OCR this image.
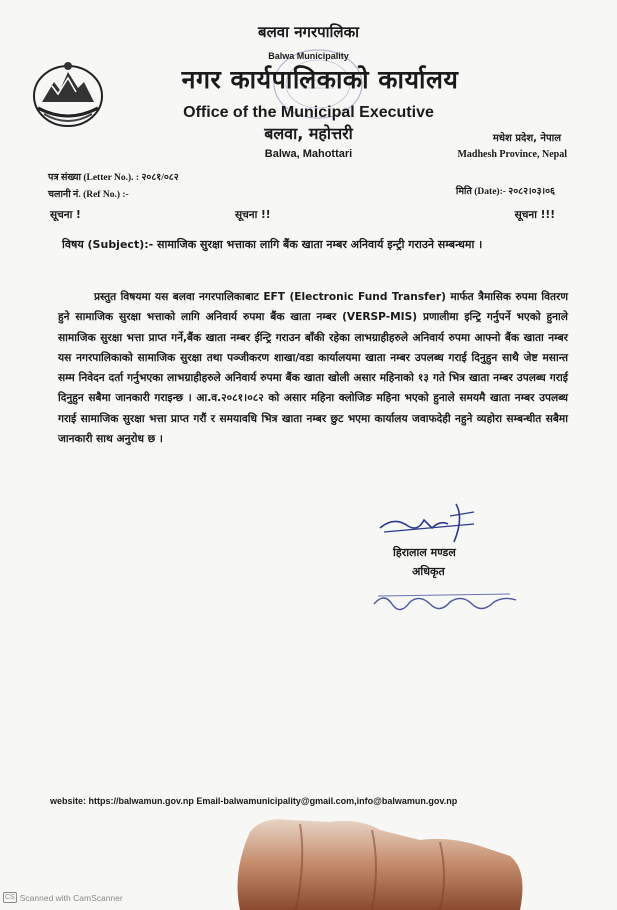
बलवा नगरपालिका
Balwa Municipality
नगर कार्यपालिकाको कार्यालय
Office of the Municipal Executive
बलवा, महोत्तरी
Balwa, Mahottari
मधेश प्रदेश, नेपाल
Madhesh Province, Nepal
पत्र संख्या (Letter No.). : २०८१/०८२
चलानी नं. (Ref No.) :-	मिति (Date):- २०८२।०३।०६
सूचना !	सूचना !!	सूचना !!!
विषय (Subject):- सामाजिक सुरक्षा भत्ताका लागि बैंक खाता नम्बर अनिवार्य इन्ट्री गराउने सम्बन्धमा ।
प्रस्तुत विषयमा यस बलवा नगरपालिकाबाट EFT (Electronic Fund Transfer) मार्फत त्रैमासिक रुपमा वितरण हुने सामाजिक सुरक्षा भत्ताको लागि अनिवार्य रुपमा बैंक खाता नम्बर (VERSP-MIS) प्रणालीमा इन्ट्रि गर्नुपर्ने भएको हुनाले सामाजिक सुरक्षा भत्ता प्राप्त गर्ने,बैंक खाता नम्बर ईन्ट्रि गराउन बाँकी रहेका लाभग्राहीहरुले अनिवार्य रुपमा आफ्नो बैंक खाता नम्बर यस नगरपालिकाको सामाजिक सुरक्षा तथा पञ्जीकरण शाखा/वडा कार्यालयमा खाता नम्बर उपलब्ध गराई दिनुहुन साथै जेष्ट मसान्त सम्म निवेदन दर्ता गर्नुभएका लाभग्राहीहरुले अनिवार्य रुपमा बैंक खाता खोली असार महिनाको १३ गते भित्र खाता नम्बर उपलब्ध गराई दिनुहुन सबैमा जानकारी गराइन्छ । आ.व.२०८१।०८२ को असार महिना क्लोजिङ महिना भएको हुनाले समयमै खाता नम्बर उपलब्ध गराई सामाजिक सुरक्षा भत्ता प्राप्त गरौं र समयावधि भित्र खाता नम्बर छुट भएमा कार्यालय जवाफदेही नहुने व्यहोरा सम्बन्धीत सबैमा जानकारी साथ अनुरोध छ ।
हिरालाल मण्डल
अधिकृत
website: https://balwamun.gov.np Email-balwamunicipality@gmail.com,info@balwamun.gov.np
CS Scanned with CamScanner
